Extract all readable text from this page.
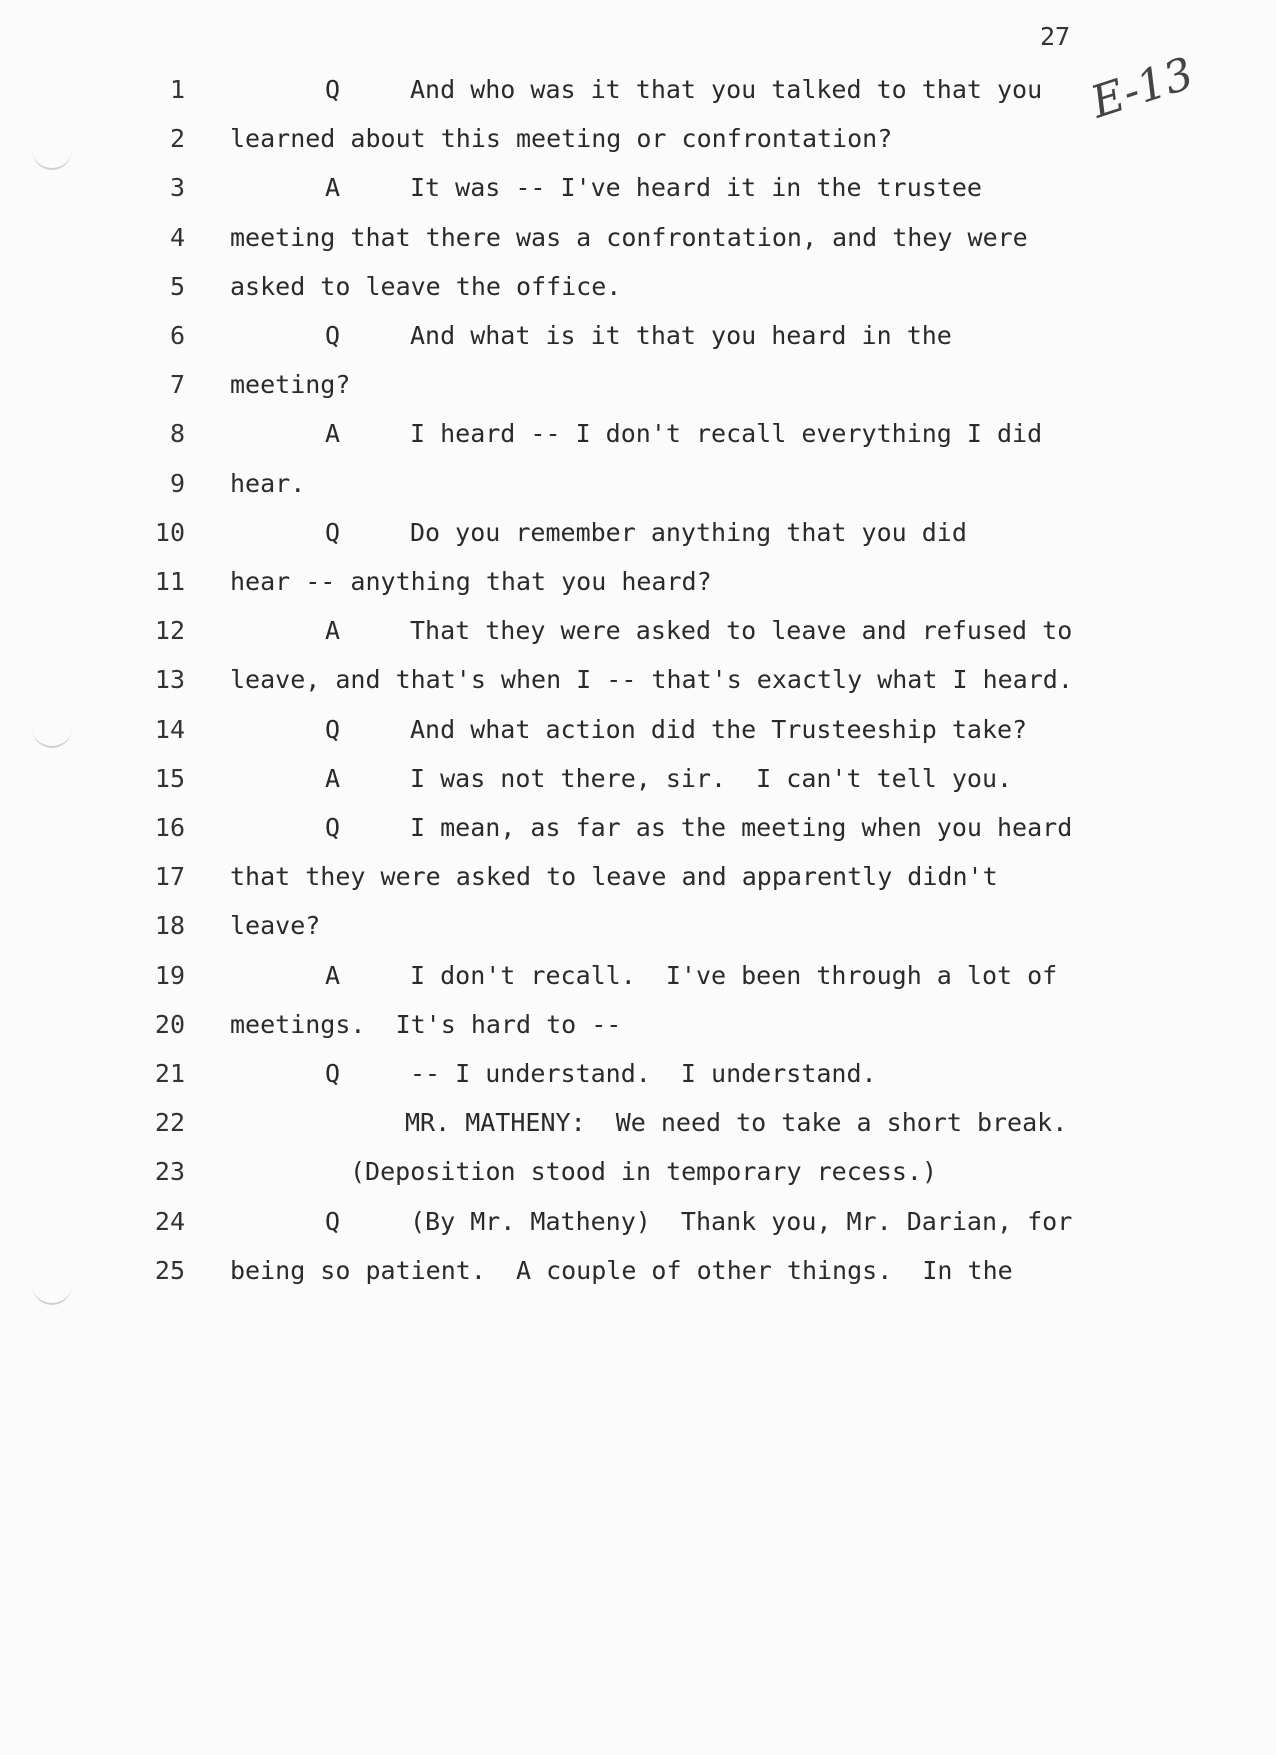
27
E-13
1	Q	And who was it that you talked to that you
2 learned about this meeting or confrontation?
3	A	It was -- I've heard it in the trustee
4 meeting that there was a confrontation, and they were
5 asked to leave the office.
6	Q	And what is it that you heard in the
7 meeting?
8	A	I heard -- I don't recall everything I did
9 hear.
10	Q	Do you remember anything that you did
11 hear -- anything that you heard?
12	A	That they were asked to leave and refused to
13 leave, and that's when I -- that's exactly what I heard.
14	Q	And what action did the Trusteeship take?
15	A	I was not there, sir.  I can't tell you.
16	Q	I mean, as far as the meeting when you heard
17 that they were asked to leave and apparently didn't
18 leave?
19	A	I don't recall.  I've been through a lot of
20 meetings.  It's hard to --
21	Q	-- I understand.  I understand.
22	MR. MATHENY:  We need to take a short break.
23	(Deposition stood in temporary recess.)
24	Q	(By Mr. Matheny)  Thank you, Mr. Darian, for
25 being so patient.  A couple of other things.  In the
